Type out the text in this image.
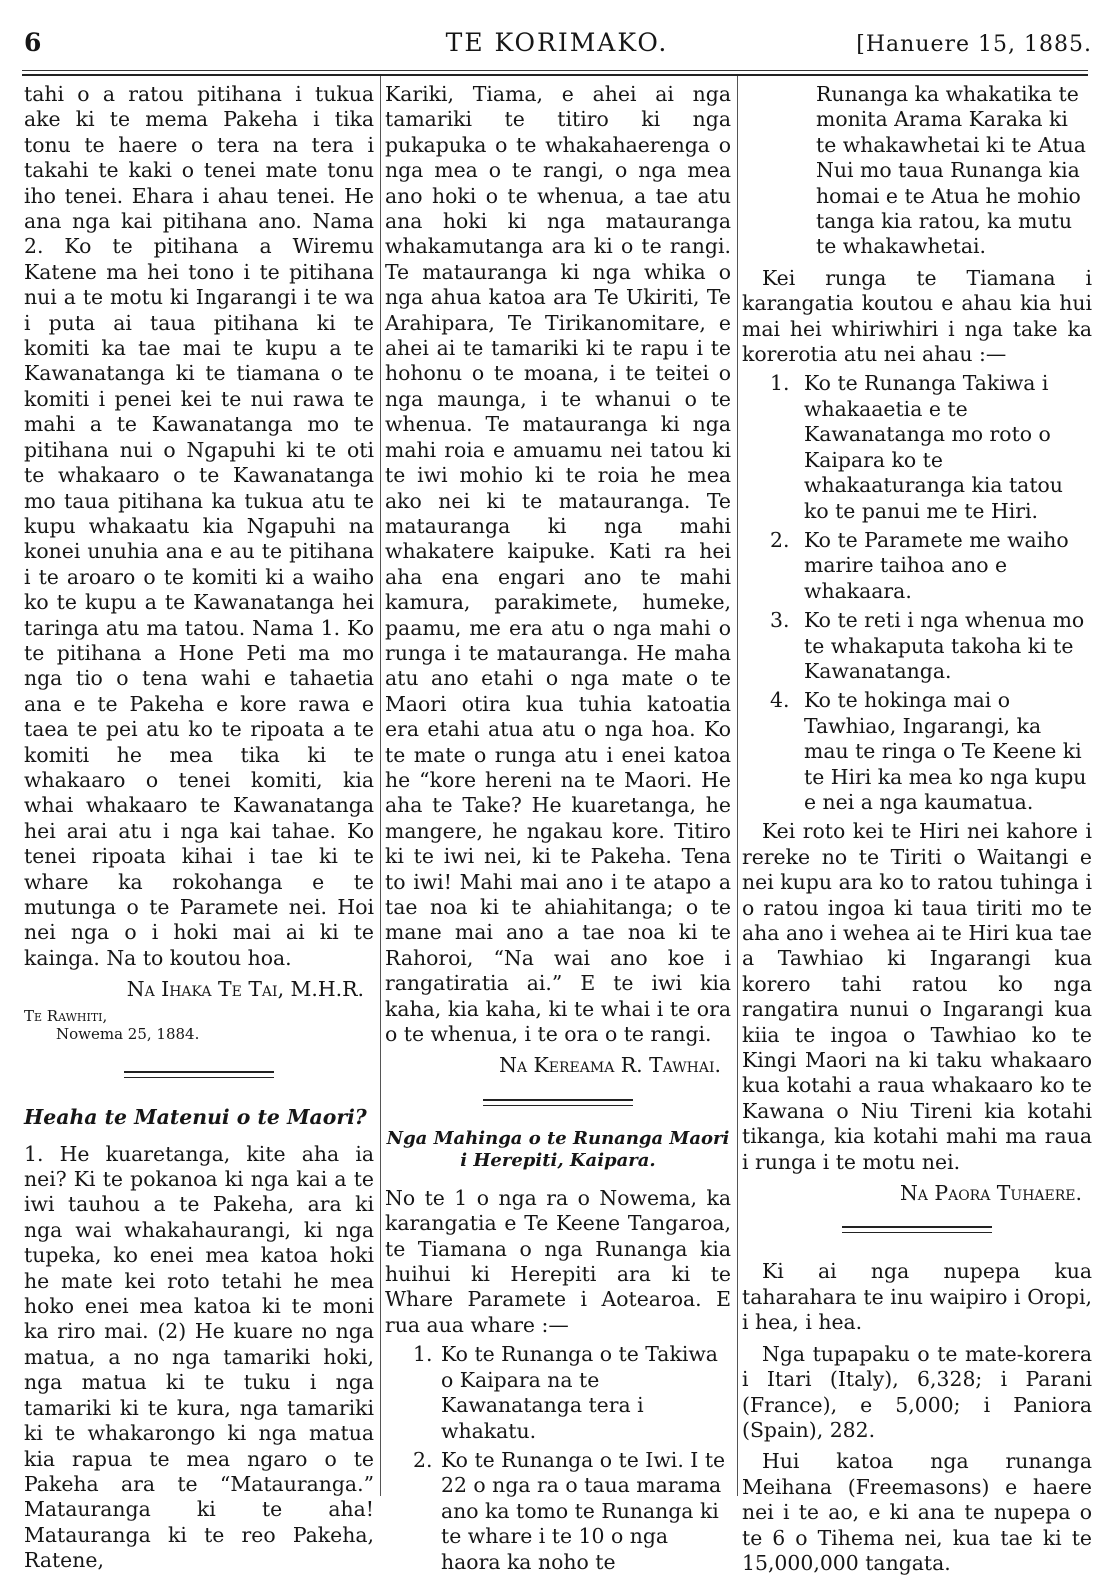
6	TE KORIMAKO.	[Hanuere 15, 1885.

tahi o a ratou pitihana i tukua ake ki te mema Pakeha i tika tonu te haere o tera na tera i takahi te kaki o tenei mate tonu iho tenei. Ehara i ahau tenei. He ana nga kai pitihana ano. Nama 2. Ko te pitihana a Wiremu Katene ma hei tono i te pitihana nui a te motu ki Ingarangi i te wa i puta ai taua pitihana ki te komiti ka tae mai te kupu a te Kawanatanga ki te tiamana o te komiti i penei kei te nui rawa te mahi a te Kawanatanga mo te pitihana nui o Ngapuhi ki te oti te whakaaro o te Kawanatanga mo taua pitihana ka tukua atu te kupu whakaatu kia Ngapuhi na konei unuhia ana e au te pitihana i te aroaro o te komiti ki a waiho ko te kupu a te Kawanatanga hei taringa atu ma tatou. Nama 1. Ko te pitihana a Hone Peti ma mo nga tio o tena wahi e tahaetia ana e te Pakeha e kore rawa e taea te pei atu ko te ripoata a te komiti he mea tika ki te whakaaro o tenei komiti, kia whai whakaaro te Kawanatanga hei arai atu i nga kai tahae. Ko tenei ripoata kihai i tae ki te whare ka rokohanga e te mutunga o te Paramete nei. Hoi nei nga o i hoki mai ai ki te kainga. Na to koutou hoa.

Na Ihaka Te Tai, M.H.R.

Te Rawhiti,

Nowema 25, 1884.

Heaha te Matenui o te Maori?

1. He kuaretanga, kite aha ia nei? Ki te pokanoa ki nga kai a te iwi tauhou a te Pakeha, ara ki nga wai whakahaurangi, ki nga tupeka, ko enei mea katoa hoki he mate kei roto tetahi he mea hoko enei mea katoa ki te moni ka riro mai. (2) He kuare no nga matua, a no nga tamariki hoki, nga matua ki te tuku i nga tamariki ki te kura, nga tamariki ki te whakarongo ki nga matua kia rapua te mea ngaro o te Pakeha ara te “Matauranga.” Matauranga ki te aha! Matauranga ki te reo Pakeha, Ratene,

Kariki, Tiama, e ahei ai nga tamariki te titiro ki nga pukapuka o te whakahaerenga o nga mea o te rangi, o nga mea ano hoki o te whenua, a tae atu ana hoki ki nga matauranga whakamutanga ara ki o te rangi. Te matauranga ki nga whika o nga ahua katoa ara Te Ukiriti, Te Arahipara, Te Tirikanomitare, e ahei ai te tamariki ki te rapu i te hohonu o te moana, i te teitei o nga maunga, i te whanui o te whenua. Te matauranga ki nga mahi roia e amuamu nei tatou ki te iwi mohio ki te roia he mea ako nei ki te matauranga. Te matauranga ki nga mahi whakatere kaipuke. Kati ra hei aha ena engari ano te mahi kamura, parakimete, humeke, paamu, me era atu o nga mahi o runga i te matauranga. He maha atu ano etahi o nga mate o te Maori otira kua tuhia katoatia era etahi atua atu o nga hoa. Ko te mate o runga atu i enei katoa he “kore hereni na te Maori. He aha te Take? He kuaretanga, he mangere, he ngakau kore. Titiro ki te iwi nei, ki te Pakeha. Tena to iwi! Mahi mai ano i te atapo a tae noa ki te ahiahitanga; o te mane mai ano a tae noa ki te Rahoroi, “Na wai ano koe i rangatiratia ai.” E te iwi kia kaha, kia kaha, ki te whai i te ora o te whenua, i te ora o te rangi.

Na Kereama R. Tawhai.

Nga Mahinga o te Runanga Maori i Herepiti, Kaipara.

No te 1 o nga ra o Nowema, ka karangatia e Te Keene Tangaroa, te Tiamana o nga Runanga kia huihui ki Herepiti ara ki te Whare Paramete i Aotearoa. E rua aua whare :—

1. Ko te Runanga o te Takiwa o Kaipara na te Kawanatanga tera i whakatu.

2. Ko te Runanga o te Iwi. I te 22 o nga ra o taua marama ano ka tomo te Runanga ki te whare i te 10 o nga haora ka noho te

Runanga ka whakatika te monita Arama Karaka ki te whakawhetai ki te Atua Nui mo taua Runanga kia homai e te Atua he mohio tanga kia ratou, ka mutu te whakawhetai.

Kei runga te Tiamana i karangatia koutou e ahau kia hui mai hei whiriwhiri i nga take ka korerotia atu nei ahau :—

1. Ko te Runanga Takiwa i whakaaetia e te Kawanatanga mo roto o Kaipara ko te whakaaturanga kia tatou ko te panui me te Hiri.

2. Ko te Paramete me waiho marire taihoa ano e whakaara.

3. Ko te reti i nga whenua mo te whakaputa takoha ki te Kawanatanga.

4. Ko te hokinga mai o Tawhiao, Ingarangi, ka mau te ringa o Te Keene ki te Hiri ka mea ko nga kupu e nei a nga kaumatua.

Kei roto kei te Hiri nei kahore i rereke no te Tiriti o Waitangi e nei kupu ara ko to ratou tuhinga i o ratou ingoa ki taua tiriti mo te aha ano i wehea ai te Hiri kua tae a Tawhiao ki Ingarangi kua korero tahi ratou ko nga rangatira nunui o Ingarangi kua kiia te ingoa o Tawhiao ko te Kingi Maori na ki taku whakaaro kua kotahi a raua whakaaro ko te Kawana o Niu Tireni kia kotahi tikanga, kia kotahi mahi ma raua i runga i te motu nei.

Na Paora Tuhaere.

Ki ai nga nupepa kua taharahara te inu waipiro i Oropi, i hea, i hea.

Nga tupapaku o te mate-korera i Itari (Italy), 6,328; i Parani (France), e 5,000; i Paniora (Spain), 282.

Hui katoa nga runanga Meihana (Freemasons) e haere nei i te ao, e ki ana te nupepa o te 6 o Tihema nei, kua tae ki te 15,000,000 tangata.
